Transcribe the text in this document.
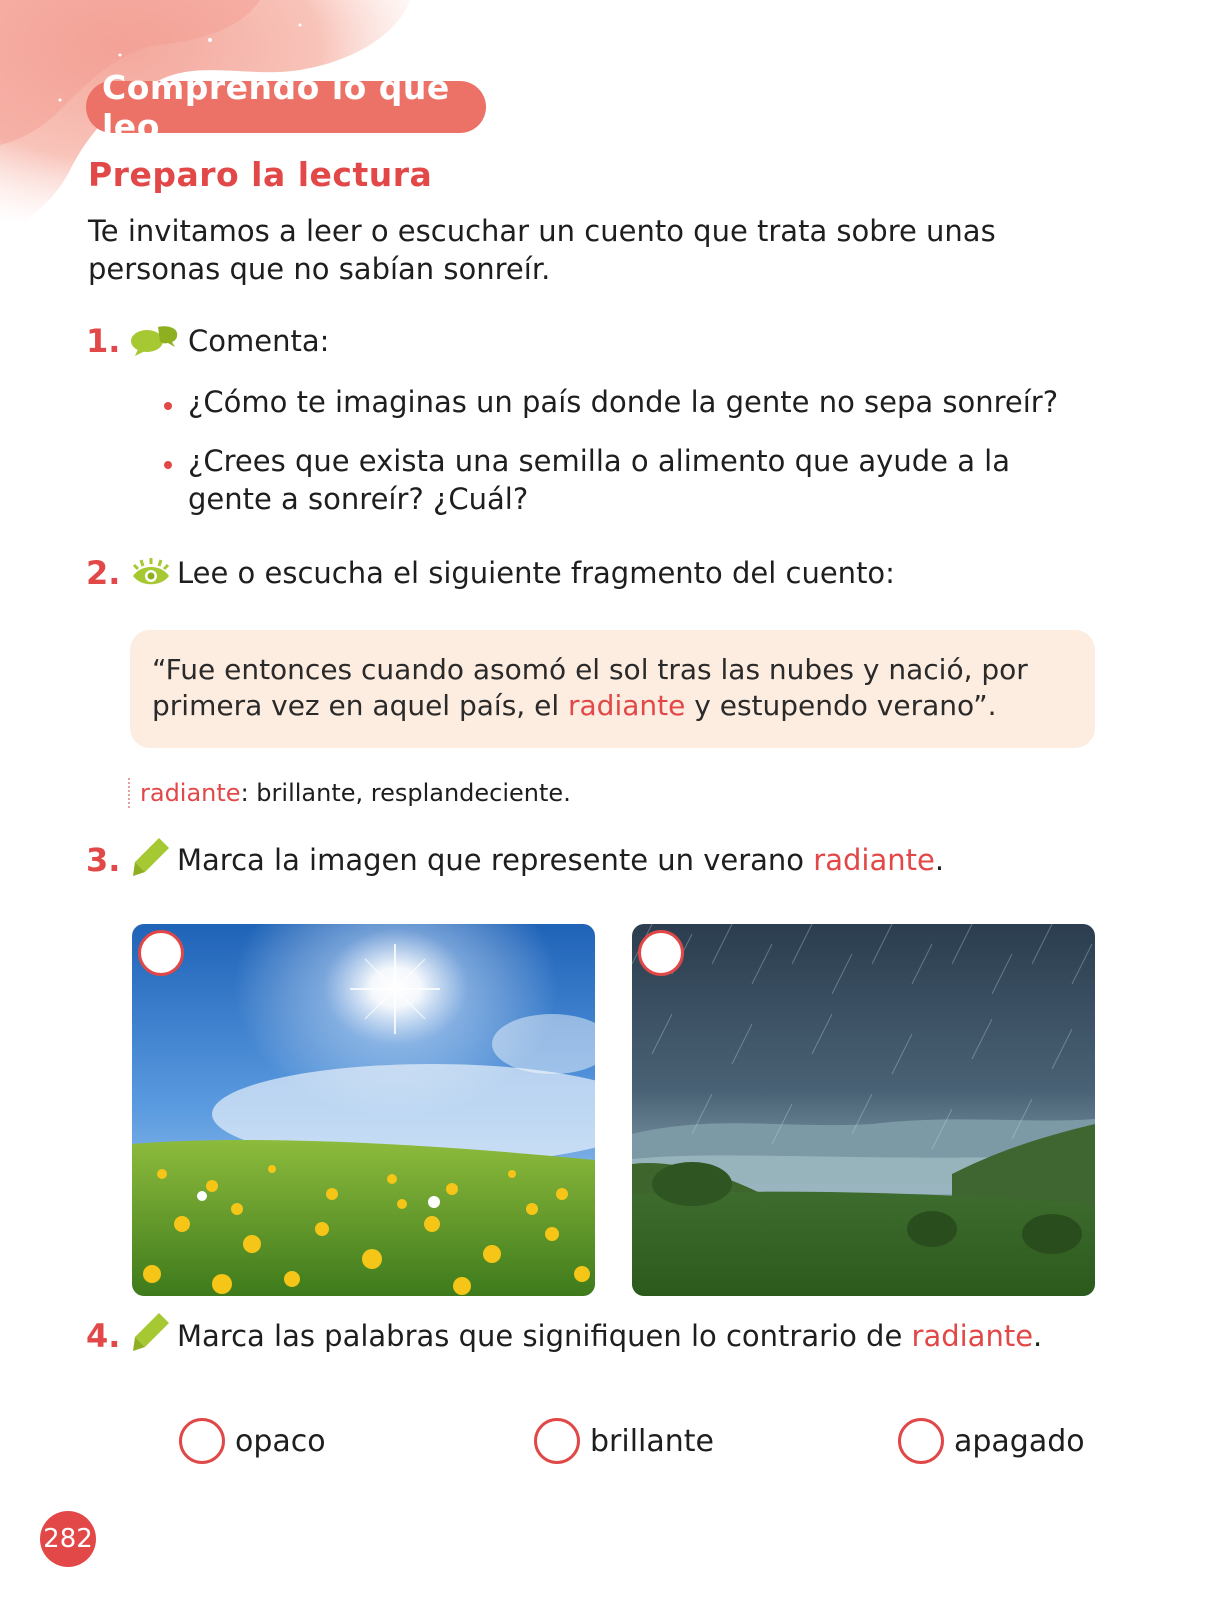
Comprendo lo que leo
Preparo la lectura
Te invitamos a leer o escuchar un cuento que trata sobre unas personas que no sabían sonreír.
1. Comenta:
¿Cómo te imaginas un país donde la gente no sepa sonreír?
¿Crees que exista una semilla o alimento que ayude a la gente a sonreír? ¿Cuál?
2. Lee o escucha el siguiente fragmento del cuento:
“Fue entonces cuando asomó el sol tras las nubes y nació, por primera vez en aquel país, el radiante y estupendo verano”.
radiante: brillante, resplandeciente.
3. Marca la imagen que represente un verano radiante.
4. Marca las palabras que signifiquen lo contrario de radiante.
opaco	brillante	apagado
282
